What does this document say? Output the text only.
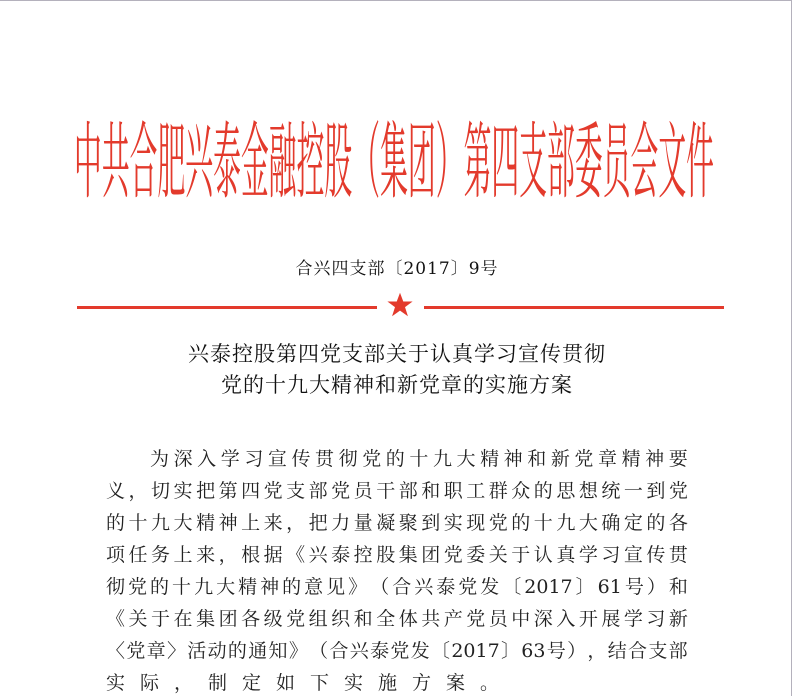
中共合肥兴泰金融控股（集团）第四支部委员会文件
合兴四支部〔2017〕9号
兴泰控股第四党支部关于认真学习宣传贯彻
党的十九大精神和新党章的实施方案
为 深 入 学 习 宣 传 贯 彻 党 的 十 九 大 精 神 和 新 党 章 精 神 要
义 ， 切 实 把 第 四 党 支 部 党 员 干 部 和 职 工 群 众 的 思 想 统 一 到 党
的 十 九 大 精 神 上 来 ， 把 力 量 凝 聚 到 实 现 党 的 十 九 大 确 定 的 各
项 任 务 上 来 ， 根 据 《 兴 泰 控 股 集 团 党 委 关 于 认 真 学 习 宣 传 贯
彻 党 的 十 九 大 精 神 的 意 见 》 （ 合 兴 泰 党 发 〔 2017 〕 61 号 ） 和
《 关 于 在 集 团 各 级 党 组 织 和 全 体 共 产 党 员 中 深 入 开 展 学 习 新
〈 党 章 〉 活 动 的 通 知 》 （ 合 兴 泰 党 发 〔 2017 〕 63 号 ） ， 结 合 支 部
实际，制定如下实施方案。
